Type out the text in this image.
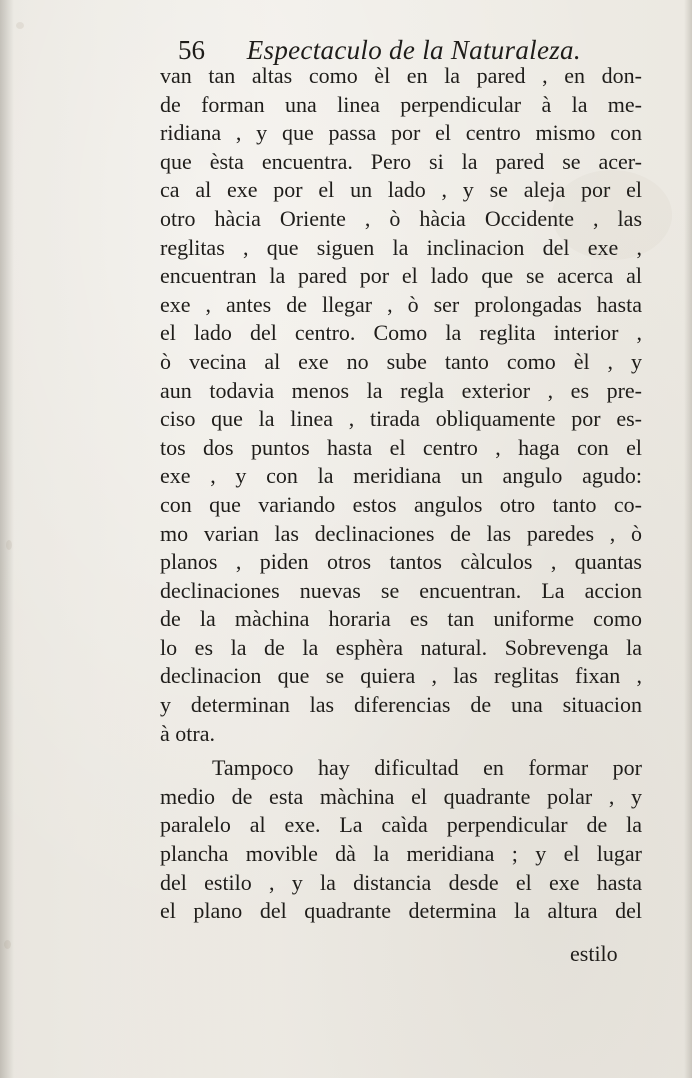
56 Espectaculo de la Naturaleza.
van tan altas como èl en la pared , en don-
de forman una linea perpendicular à la me-
ridiana , y que passa por el centro mismo con
que èsta encuentra. Pero si la pared se acer-
ca al exe por el un lado , y se aleja por el
otro hàcia Oriente , ò hàcia Occidente , las
reglitas , que siguen la inclinacion del exe ,
encuentran la pared por el lado que se acerca al
exe , antes de llegar , ò ser prolongadas hasta
el lado del centro. Como la reglita interior ,
ò vecina al exe no sube tanto como èl , y
aun todavia menos la regla exterior , es pre-
ciso que la linea , tirada obliquamente por es-
tos dos puntos hasta el centro , haga con el
exe , y con la meridiana un angulo agudo:
con que variando estos angulos otro tanto co-
mo varian las declinaciones de las paredes , ò
planos , piden otros tantos càlculos , quantas
declinaciones nuevas se encuentran. La accion
de la màchina horaria es tan uniforme como
lo es la de la esphèra natural. Sobrevenga la
declinacion que se quiera , las reglitas fixan ,
y determinan las diferencias de una situacion
à otra.
Tampoco hay dificultad en formar por
medio de esta màchina el quadrante polar , y
paralelo al exe. La caìda perpendicular de la
plancha movible dà la meridiana ; y el lugar
del estilo , y la distancia desde el exe hasta
el plano del quadrante determina la altura del
estilo
